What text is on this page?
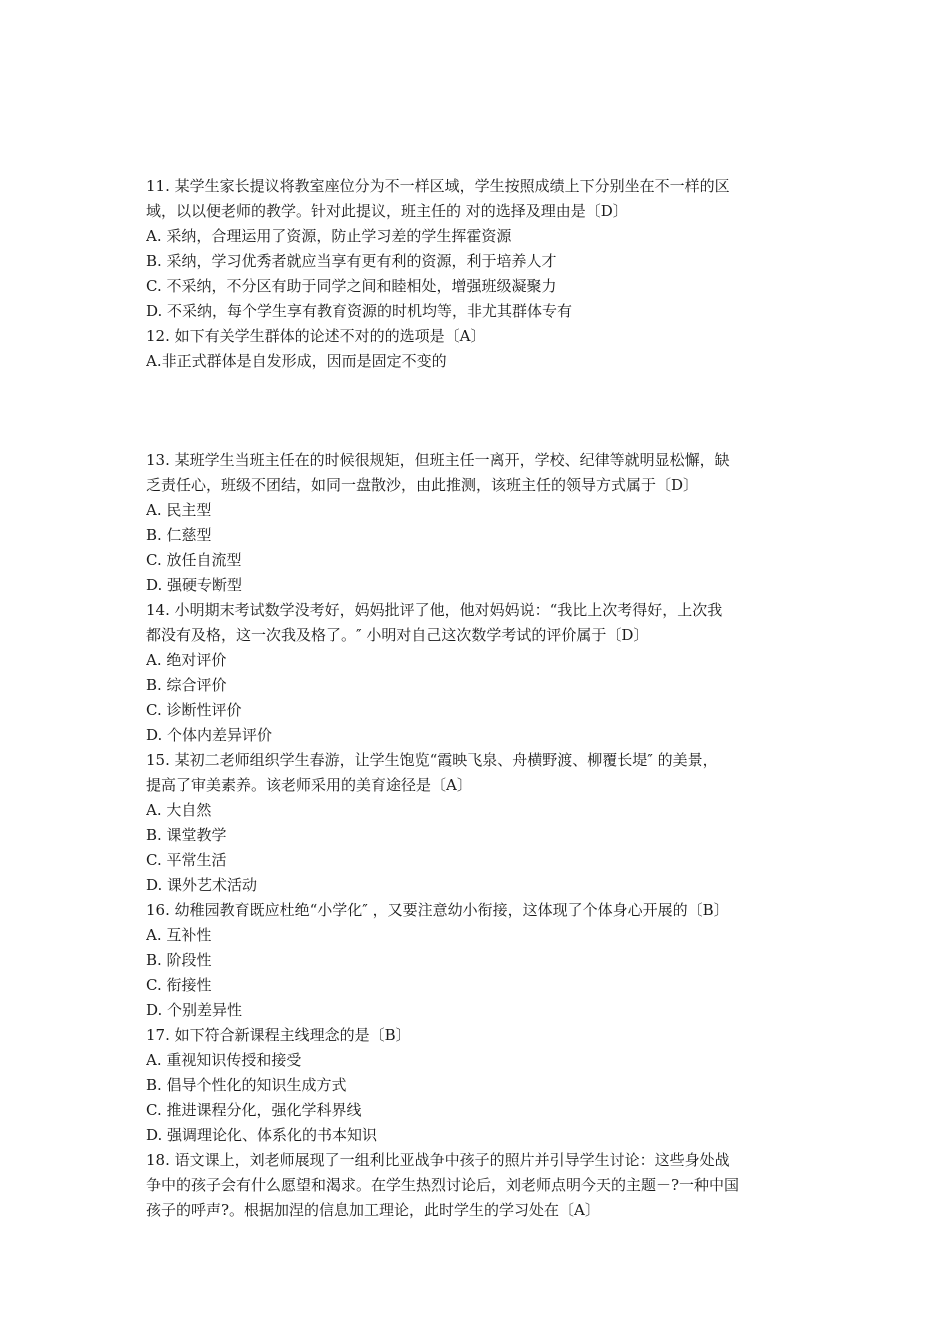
11. 某学生家长提议将教室座位分为不一样区域，学生按照成绩上下分别坐在不一样的区
域，以以便老师的教学。针对此提议，班主任的 对的选择及理由是〔D〕
A. 采纳，合理运用了资源，防止学习差的学生挥霍资源
B. 采纳，学习优秀者就应当享有更有利的资源，利于培养人才
C. 不采纳，不分区有助于同学之间和睦相处，增强班级凝聚力
D. 不采纳，每个学生享有教育资源的时机均等，非尤其群体专有
12. 如下有关学生群体的论述不对的的选项是〔A〕
A.非正式群体是自发形成，因而是固定不变的
13. 某班学生当班主任在的时候很规矩，但班主任一离开，学校、纪律等就明显松懈，缺
乏责任心，班级不团结，如同一盘散沙，由此推测，该班主任的领导方式属于〔D〕
A. 民主型
B. 仁慈型
C. 放任自流型
D. 强硬专断型
14. 小明期末考试数学没考好，妈妈批评了他，他对妈妈说：“我比上次考得好，上次我
都没有及格，这一次我及格了。″ 小明对自己这次数学考试的评价属于〔D〕
A. 绝对评价
B. 综合评价
C. 诊断性评价
D. 个体内差异评价
15. 某初二老师组织学生春游，让学生饱览“霞映飞泉、舟横野渡、柳覆长堤″ 的美景，
提高了审美素养。该老师采用的美育途径是〔A〕
A. 大自然
B. 课堂教学
C. 平常生活
D. 课外艺术活动
16. 幼稚园教育既应杜绝“小学化″ ，又要注意幼小衔接，这体现了个体身心开展的〔B〕
A. 互补性
B. 阶段性
C. 衔接性
D. 个别差异性
17. 如下符合新课程主线理念的是〔B〕
A. 重视知识传授和接受
B. 倡导个性化的知识生成方式
C. 推进课程分化，强化学科界线
D. 强调理论化、体系化的书本知识
18. 语文课上，刘老师展现了一组利比亚战争中孩子的照片并引导学生讨论：这些身处战
争中的孩子会有什么愿望和渴求。在学生热烈讨论后，刘老师点明今天的主题－?一种中国
孩子的呼声?。根据加涅的信息加工理论，此时学生的学习处在〔A〕
